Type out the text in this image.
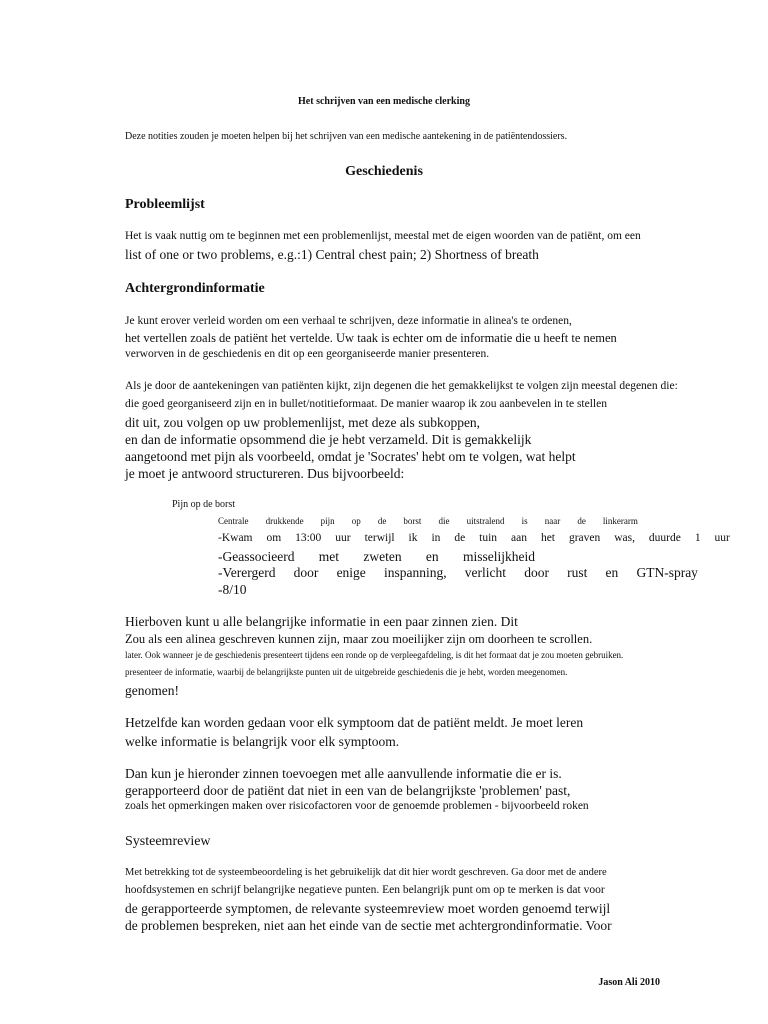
Het schrijven van een medische clerking

Deze notities zouden je moeten helpen bij het schrijven van een medische aantekening in de patiëntendossiers.

Geschiedenis

Probleemlijst

Het is vaak nuttig om te beginnen met een problemenlijst, meestal met de eigen woorden van de patiënt, om een

list of one or two problems, e.g.:1) Central chest pain; 2) Shortness of breath

Achtergrondinformatie

Je kunt erover verleid worden om een verhaal te schrijven, deze informatie in alinea's te ordenen,

het vertellen zoals de patiënt het vertelde. Uw taak is echter om de informatie die u heeft te nemen

verworven in de geschiedenis en dit op een georganiseerde manier presenteren.

Als je door de aantekeningen van patiënten kijkt, zijn degenen die het gemakkelijkst te volgen zijn meestal degenen die:

die goed georganiseerd zijn en in bullet/notitieformaat. De manier waarop ik zou aanbevelen in te stellen

dit uit, zou volgen op uw problemenlijst, met deze als subkoppen,

en dan de informatie opsommend die je hebt verzameld. Dit is gemakkelijk

aangetoond met pijn als voorbeeld, omdat je 'Socrates' hebt om te volgen, wat helpt

je moet je antwoord structureren. Dus bijvoorbeeld:

Pijn op de borst

Centrale drukkende pijn op de borst die uitstralend is naar de linkerarm
-Kwam om 13:00 uur terwijl ik in de tuin aan het graven was, duurde 1 uur
-Geassocieerd met zweten en misselijkheid
-Verergerd door enige inspanning, verlicht door rust en GTN-spray

-8/10

Hierboven kunt u alle belangrijke informatie in een paar zinnen zien. Dit

Zou als een alinea geschreven kunnen zijn, maar zou moeilijker zijn om doorheen te scrollen.

later. Ook wanneer je de geschiedenis presenteert tijdens een ronde op de verpleegafdeling, is dit het formaat dat je zou moeten gebruiken.

presenteer de informatie, waarbij de belangrijkste punten uit de uitgebreide geschiedenis die je hebt, worden meegenomen.

genomen!

Hetzelfde kan worden gedaan voor elk symptoom dat de patiënt meldt. Je moet leren

welke informatie is belangrijk voor elk symptoom.

Dan kun je hieronder zinnen toevoegen met alle aanvullende informatie die er is.

gerapporteerd door de patiënt dat niet in een van de belangrijkste 'problemen' past,

zoals het opmerkingen maken over risicofactoren voor de genoemde problemen - bijvoorbeeld roken

Systeemreview

Met betrekking tot de systeembeoordeling is het gebruikelijk dat dit hier wordt geschreven. Ga door met de andere

hoofdsystemen en schrijf belangrijke negatieve punten. Een belangrijk punt om op te merken is dat voor

de gerapporteerde symptomen, de relevante systeemreview moet worden genoemd terwijl

de problemen bespreken, niet aan het einde van de sectie met achtergrondinformatie. Voor

Jason Ali 2010
